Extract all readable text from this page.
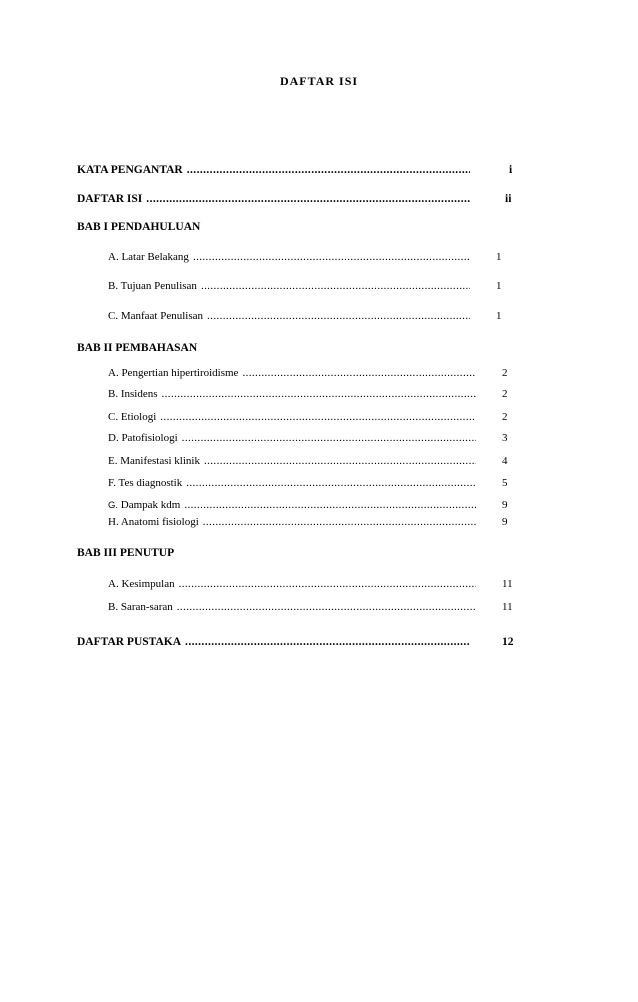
DAFTAR ISI
KATA PENGANTAR .....	i
DAFTAR ISI .....	ii
BAB I PENDAHULUAN
A. Latar Belakang .....	1
B. Tujuan Penulisan .....	1
C. Manfaat Penulisan .....	1
BAB II PEMBAHASAN
A. Pengertian hipertiroidisme .....	2
B. Insidens .....	2
C. Etiologi .....	2
D. Patofisiologi .....	3
E. Manifestasi klinik .....	4
F. Tes diagnostik .....	5
G. Dampak kdm .....	9
H. Anatomi fisiologi .....	9
BAB III PENUTUP
A. Kesimpulan .....	11
B. Saran-saran .....	11
DAFTAR PUSTAKA .....	12
